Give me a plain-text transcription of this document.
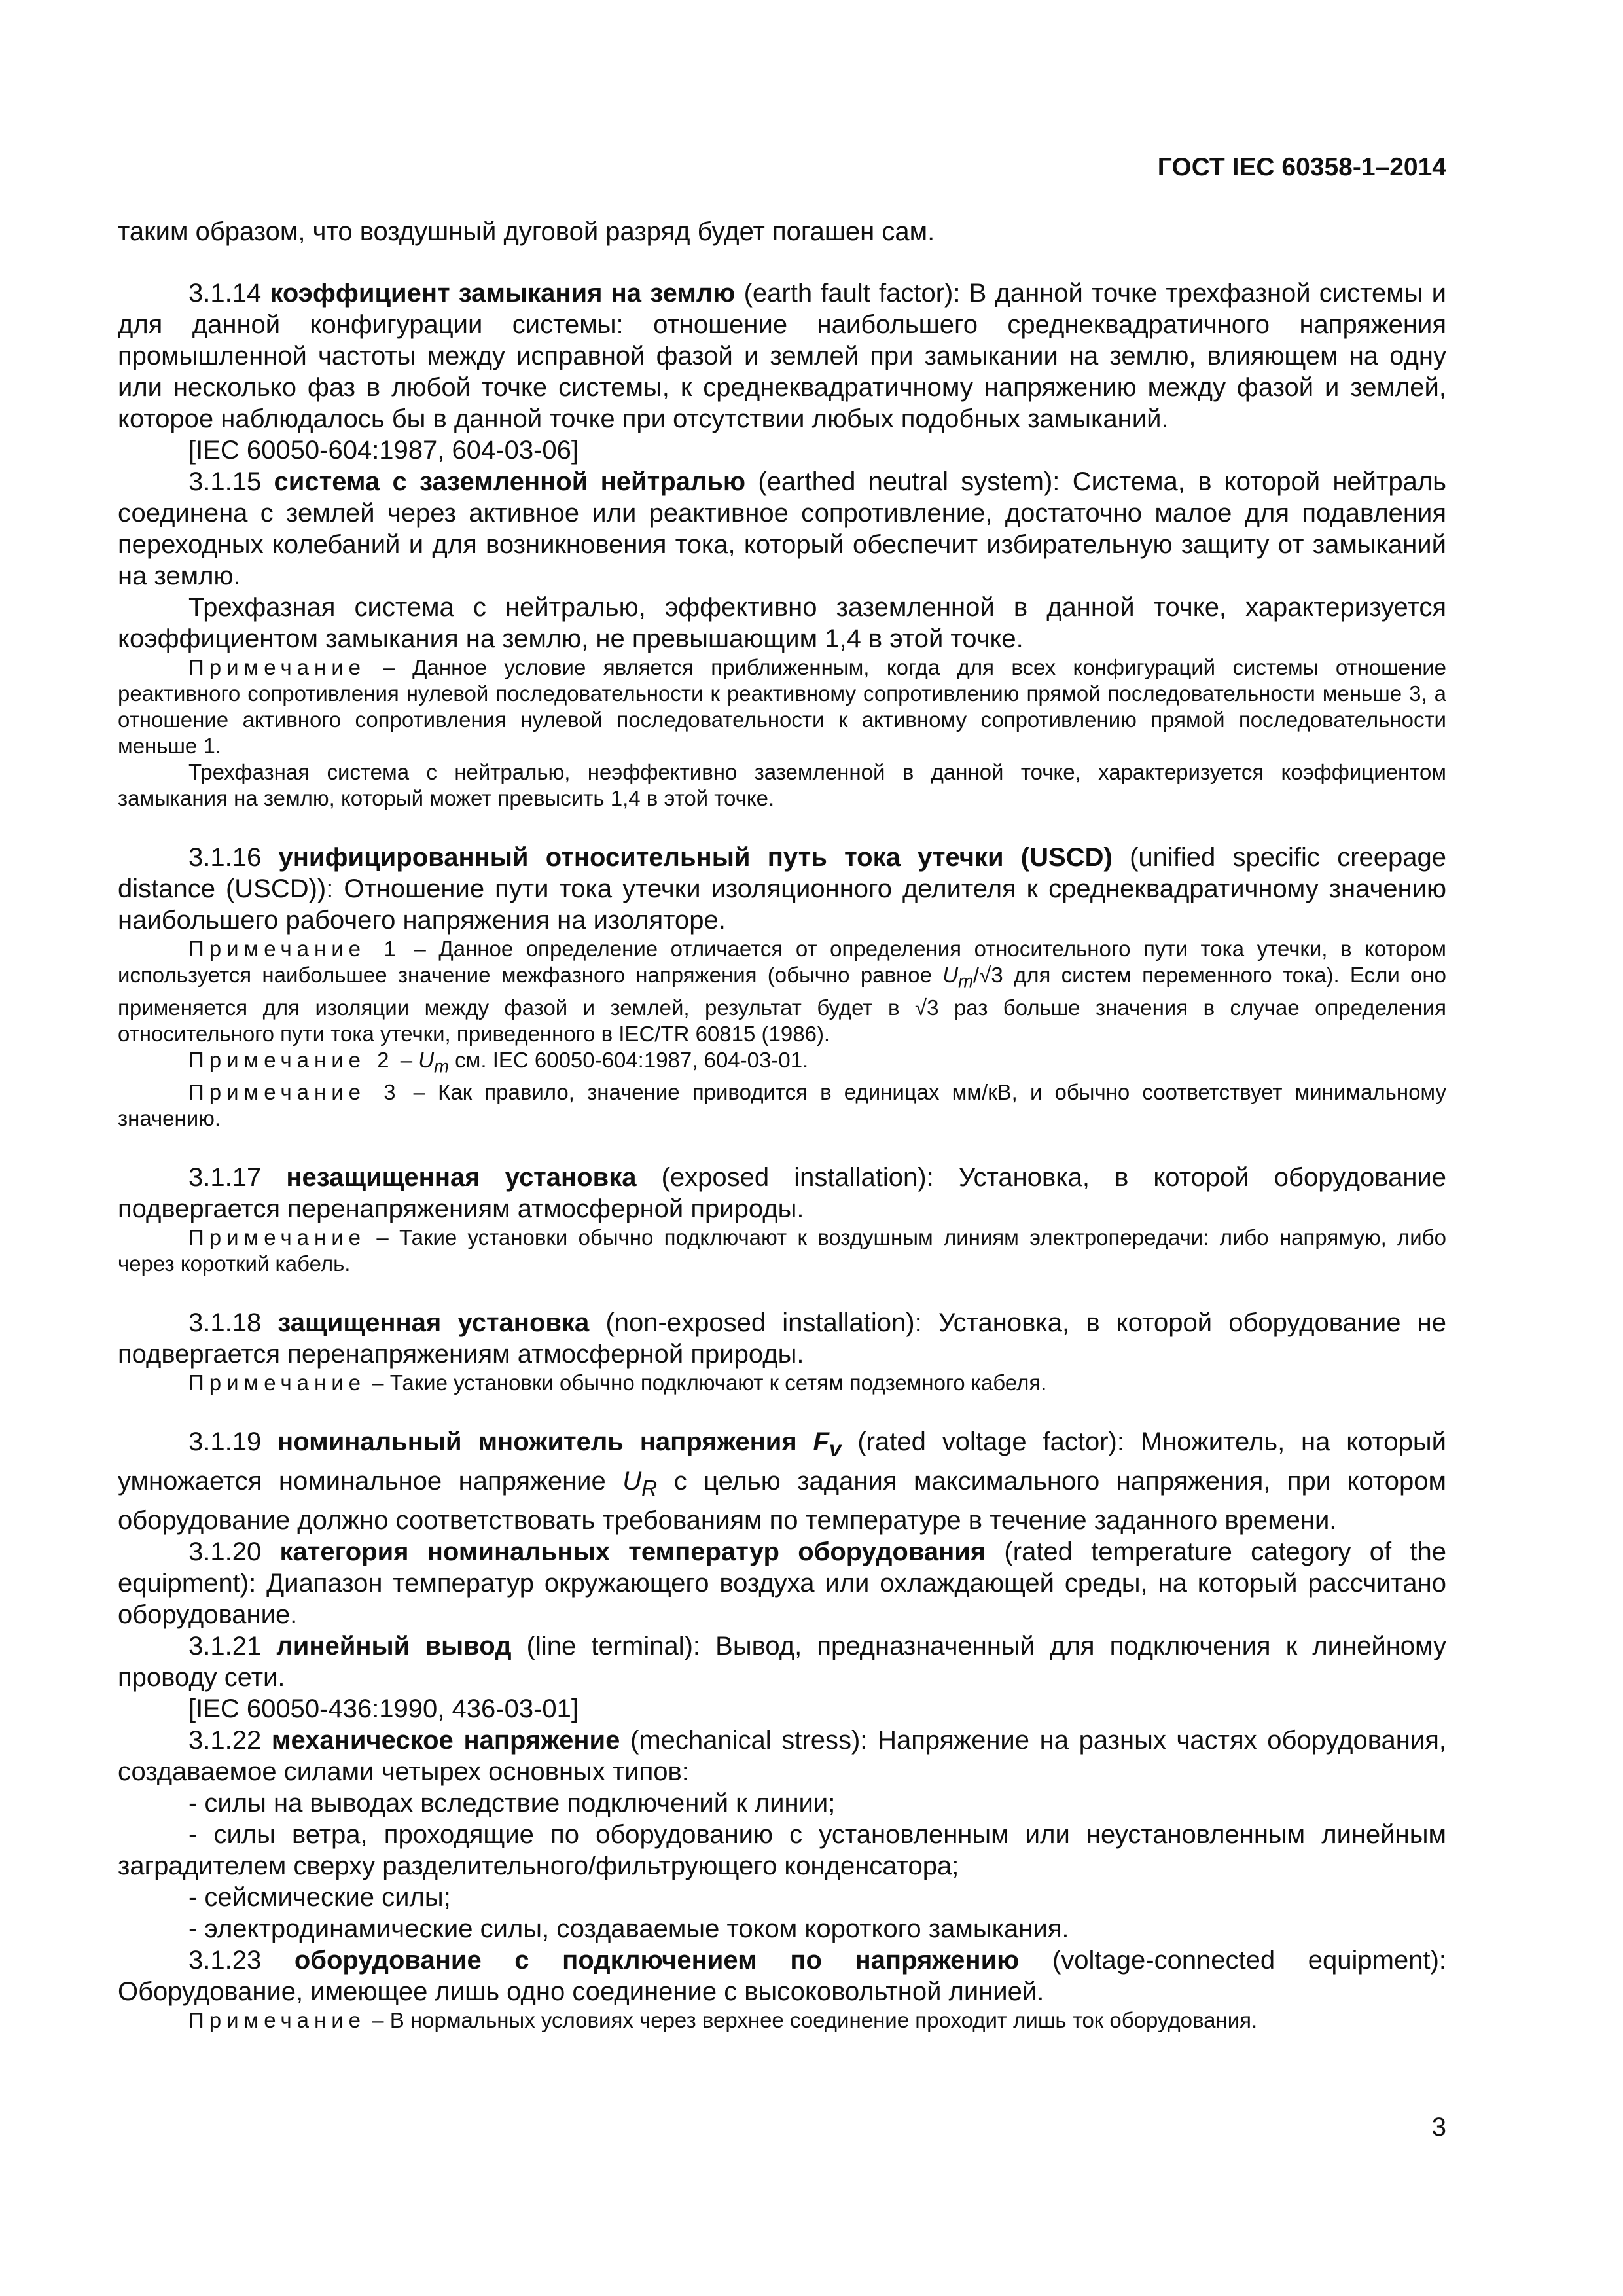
ГОСТ IEC 60358-1–2014

таким образом, что воздушный дуговой разряд будет погашен сам.

3.1.14 коэффициент замыкания на землю (earth fault factor): В данной точке трехфазной системы и для данной конфигурации системы: отношение наибольшего среднеквадратичного напряжения промышленной частоты между исправной фазой и землей при замыкании на землю, влияющем на одну или несколько фаз в любой точке системы, к среднеквадратичному напряжению между фазой и землей, которое наблюдалось бы в данной точке при отсутствии любых подобных замыканий.

[IEC 60050-604:1987, 604-03-06]

3.1.15 система с заземленной нейтралью (earthed neutral system): Система, в которой нейтраль соединена с землей через активное или реактивное сопротивление, достаточно малое для подавления переходных колебаний и для возникновения тока, который обеспечит избирательную защиту от замыканий на землю.

Трехфазная система с нейтралью, эффективно заземленной в данной точке, характеризуется коэффициентом замыкания на землю, не превышающим 1,4 в этой точке.

Примечание – Данное условие является приближенным, когда для всех конфигураций системы отношение реактивного сопротивления нулевой последовательности к реактивному сопротивлению прямой последовательности меньше 3, а отношение активного сопротивления нулевой последовательности к активному сопротивлению прямой последовательности меньше 1.

Трехфазная система с нейтралью, неэффективно заземленной в данной точке, характеризуется коэффициентом замыкания на землю, который может превысить 1,4 в этой точке.

3.1.16 унифицированный относительный путь тока утечки (USCD) (unified specific creepage distance (USCD)): Отношение пути тока утечки изоляционного делителя к среднеквадратичному значению наибольшего рабочего напряжения на изоляторе.

Примечание 1 – Данное определение отличается от определения относительного пути тока утечки, в котором используется наибольшее значение межфазного напряжения (обычно равное $U_m/√3$ для систем переменного тока). Если оно применяется для изоляции между фазой и землей, результат будет в √3 раз больше значения в случае определения относительного пути тока утечки, приведенного в IEC/TR 60815 (1986).

Примечание $2 - U_m$ см. IEC 60050-604:1987, 604-03-01.

Примечание 3 – Как правило, значение приводится в единицах мм/кВ, и обычно соответствует минимальному значению.

3.1.17 незащищенная установка (exposed installation): Установка, в которой оборудование подвергается перенапряжениям атмосферной природы.

Примечание – Такие установки обычно подключают к воздушным линиям электропередачи: либо напрямую, либо через короткий кабель.

3.1.18 защищенная установка (non-exposed installation): Установка, в которой оборудование не подвергается перенапряжениям атмосферной природы.

Примечание – Такие установки обычно подключают к сетям подземного кабеля.

3.1.19 номинальный множитель напряжения $F_v$ (rated voltage factor): Множитель, на который умножается номинальное напряжение $U_R$ с целью задания максимального напряжения, при котором оборудование должно соответствовать требованиям по температуре в течение заданного времени.

3.1.20 категория номинальных температур оборудования (rated temperature category of the equipment): Диапазон температур окружающего воздуха или охлаждающей среды, на который рассчитано оборудование.

3.1.21 линейный вывод (line terminal): Вывод, предназначенный для подключения к линейному проводу сети.

[IEC 60050-436:1990, 436-03-01]

3.1.22 механическое напряжение (mechanical stress): Напряжение на разных частях оборудования, создаваемое силами четырех основных типов:

- силы на выводах вследствие подключений к линии;

- силы ветра, проходящие по оборудованию с установленным или неустановленным линейным заградителем сверху разделительного/фильтрующего конденсатора;

- сейсмические силы;

- электродинамические силы, создаваемые током короткого замыкания.

3.1.23 оборудование с подключением по напряжению (voltage-connected equipment): Оборудование, имеющее лишь одно соединение с высоковольтной линией.

Примечание – В нормальных условиях через верхнее соединение проходит лишь ток оборудования.

3
